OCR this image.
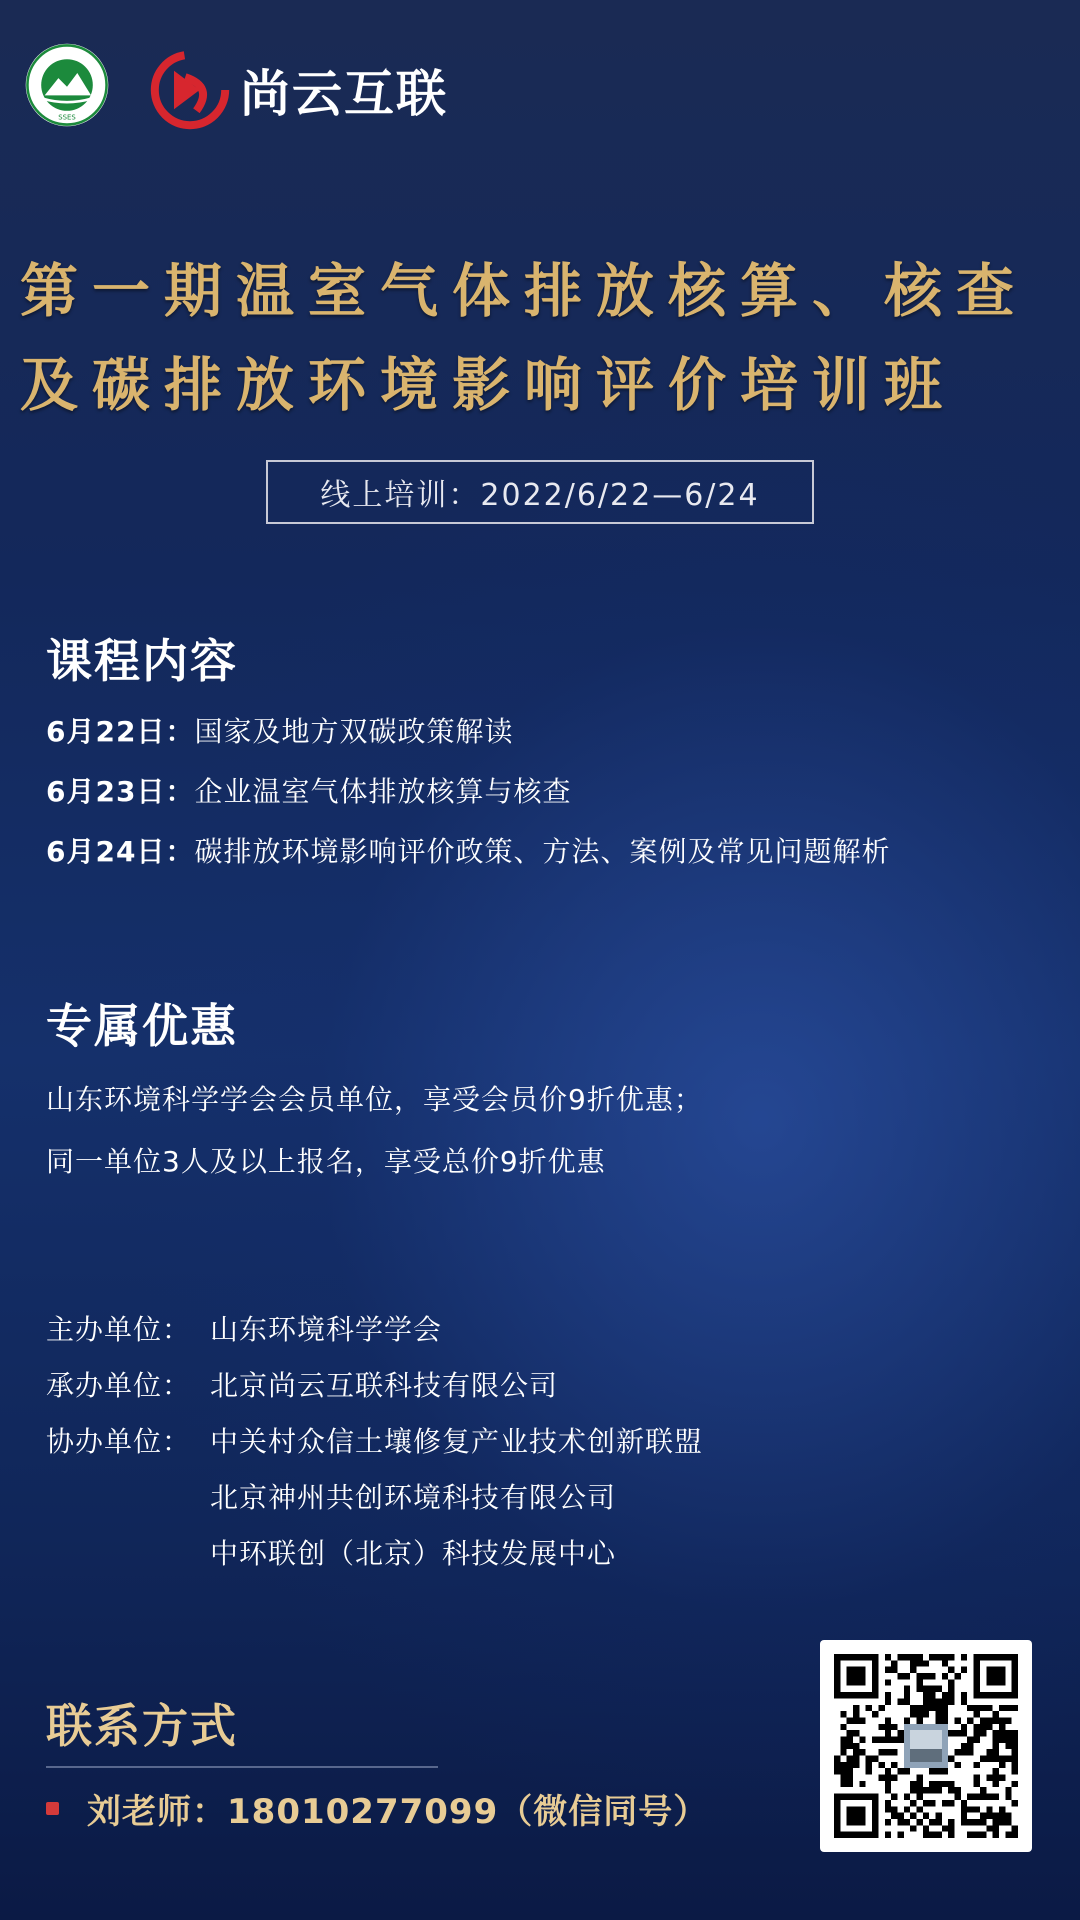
SSES	尚云互联
第一期温室气体排放核算、核查
及碳排放环境影响评价培训班
线上培训：2022/6/22—6/24
课程内容
6月22日：国家及地方双碳政策解读
6月23日：企业温室气体排放核算与核查
6月24日：碳排放环境影响评价政策、方法、案例及常见问题解析
专属优惠
山东环境科学学会会员单位，享受会员价9折优惠；
同一单位3人及以上报名，享受总价9折优惠
主办单位： 山东环境科学学会
承办单位： 北京尚云互联科技有限公司
协办单位： 中关村众信土壤修复产业技术创新联盟
北京神州共创环境科技有限公司
中环联创（北京）科技发展中心
联系方式
刘老师：18010277099（微信同号）
